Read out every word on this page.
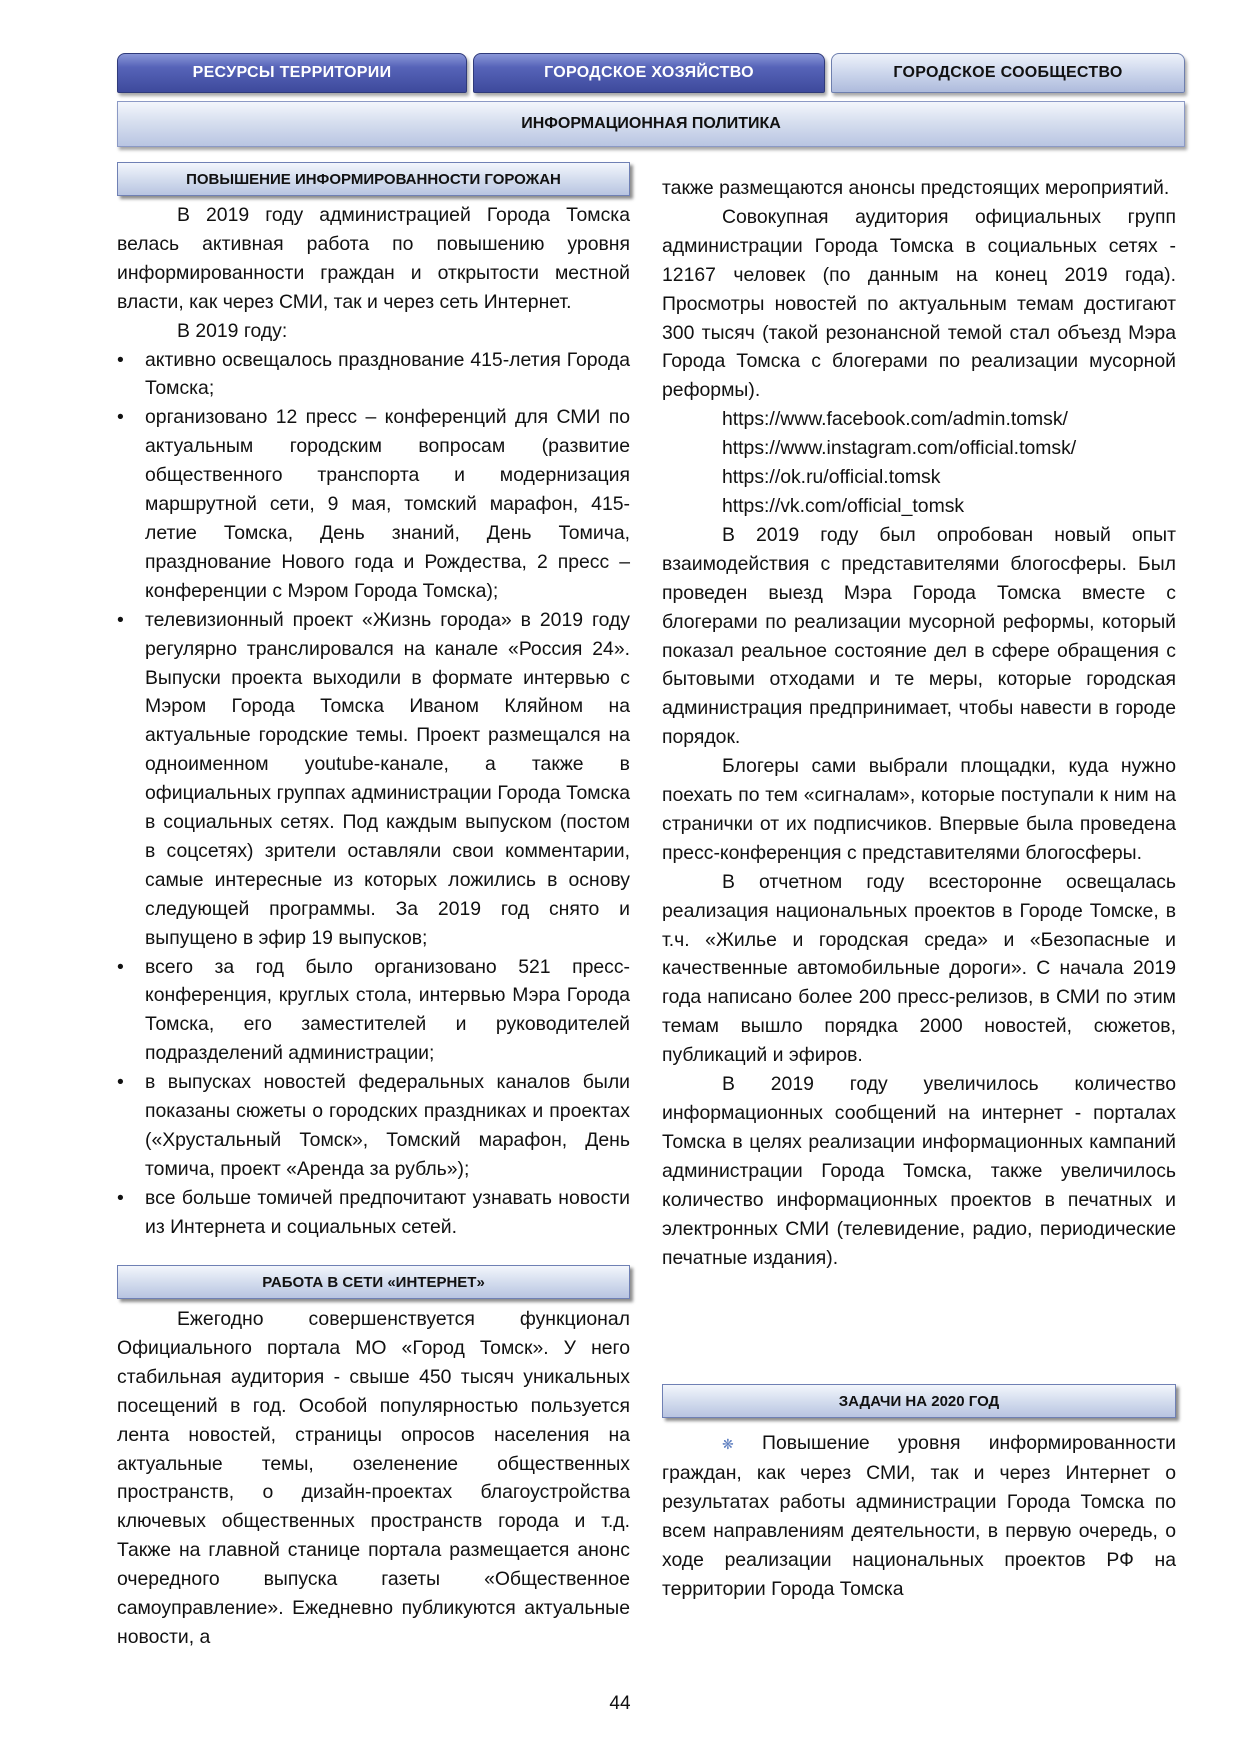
РЕСУРСЫ ТЕРРИТОРИИ	ГОРОДСКОЕ ХОЗЯЙСТВО	ГОРОДСКОЕ СООБЩЕСТВО
ИНФОРМАЦИОННАЯ ПОЛИТИКА
ПОВЫШЕНИЕ ИНФОРМИРОВАННОСТИ ГОРОЖАН

В 2019 году администрацией Города Томска велась активная работа по повышению уровня информированности граждан и открытости местной власти, как через СМИ, так и через сеть Интернет.

В 2019 году:

•	активно освещалось празднование 415-летия Города Томска;
•	организовано 12 пресс – конференций для СМИ по актуальным городским вопросам (развитие общественного транспорта и модернизация маршрутной сети, 9 мая, томский марафон, 415-летие Томска, День знаний, День Томича, празднование Нового года и Рождества, 2 пресс – конференции с Мэром Города Томска);
•	телевизионный проект «Жизнь города» в 2019 году регулярно транслировался на канале «Россия 24». Выпуски проекта выходили в формате интервью с Мэром Города Томска Иваном Кляйном на актуальные городские темы. Проект размещался на одноименном youtube-канале, а также в официальных группах администрации Города Томска в социальных сетях. Под каждым выпуском (постом в соцсетях) зрители оставляли свои комментарии, самые интересные из которых ложились в основу следующей программы. За 2019 год снято и выпущено в эфир 19 выпусков;
•	всего за год было организовано 521 пресс-конференция, круглых стола, интервью Мэра Города Томска, его заместителей и руководителей подразделений администрации;
•	в выпусках новостей федеральных каналов были показаны сюжеты о городских праздниках и проектах («Хрустальный Томск», Томский марафон, День томича, проект «Аренда за рубль»);
•	все больше томичей предпочитают узнавать новости из Интернета и социальных сетей.
РАБОТА В СЕТИ «ИНТЕРНЕТ»

Ежегодно совершенствуется функционал Официального портала МО «Город Томск». У него стабильная аудитория - свыше 450 тысяч уникальных посещений в год. Особой популярностью пользуется лента новостей, страницы опросов населения на актуальные темы, озеленение общественных пространств, о дизайн-проектах благоустройства ключевых общественных пространств города и т.д. Также на главной станице портала размещается анонс очередного выпуска газеты «Общественное самоуправление». Ежедневно публикуются актуальные новости, а

также размещаются анонсы предстоящих мероприятий.

Совокупная аудитория официальных групп администрации Города Томска в социальных сетях - 12167 человек (по данным на конец 2019 года). Просмотры новостей по актуальным темам достигают 300 тысяч (такой резонансной темой стал объезд Мэра Города Томска с блогерами по реализации мусорной реформы).

https://www.facebook.com/admin.tomsk/

https://www.instagram.com/official.tomsk/

https://ok.ru/official.tomsk

https://vk.com/official_tomsk

В 2019 году был опробован новый опыт взаимодействия с представителями блогосферы. Был проведен выезд Мэра Города Томска вместе с блогерами по реализации мусорной реформы, который показал реальное состояние дел в сфере обращения с бытовыми отходами и те меры, которые городская администрация предпринимает, чтобы навести в городе порядок.

Блогеры сами выбрали площадки, куда нужно поехать по тем «сигналам», которые поступали к ним на странички от их подписчиков. Впервые была проведена пресс-конференция с представителями блогосферы.

В отчетном году всесторонне освещалась реализация национальных проектов в Городе Томске, в т.ч. «Жилье и городская среда» и «Безопасные и качественные автомобильные дороги». С начала 2019 года написано более 200 пресс-релизов, в СМИ по этим темам вышло порядка 2000 новостей, сюжетов, публикаций и эфиров.

В 2019 году увеличилось количество информационных сообщений на интернет - порталах Томска в целях реализации информационных кампаний администрации Города Томска, также увеличилось количество информационных проектов в печатных и электронных СМИ (телевидение, радио, периодические печатные издания).

ЗАДАЧИ НА 2020 ГОД

❋ Повышение уровня информированности граждан, как через СМИ, так и через Интернет о результатах работы администрации Города Томска по всем направлениям деятельности, в первую очередь, о ходе реализации национальных проектов РФ на территории Города Томска

44
